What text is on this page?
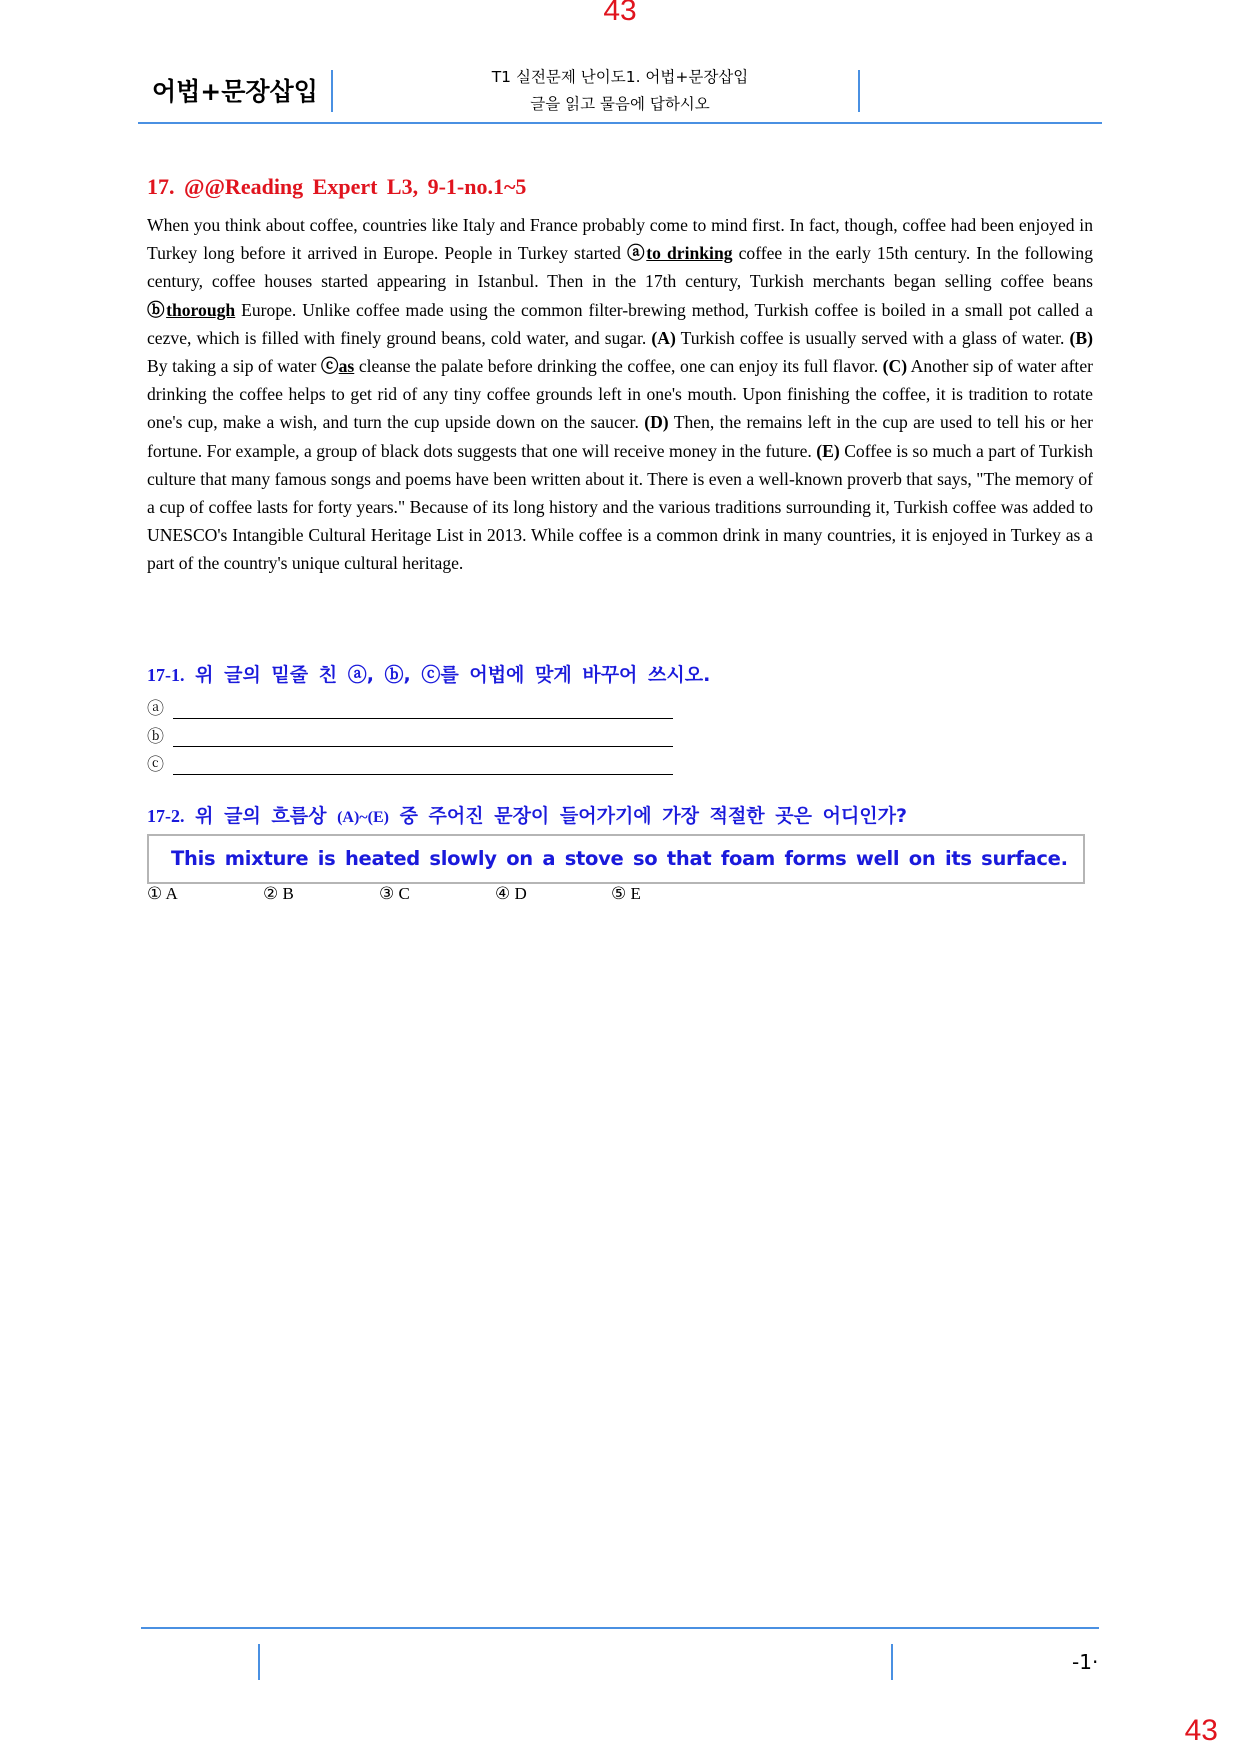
43
어법+문장삽입	T1 실전문제 난이도1. 어법+문장삽입
글을 읽고 물음에 답하시오
17. @@Reading Expert L3, 9-1-no.1~5
When you think about coffee, countries like Italy and France probably come to mind first. In fact, though, coffee had been enjoyed in Turkey long before it arrived in Europe. People in Turkey started ⓐto drinking coffee in the early 15th century. In the following century, coffee houses started appearing in Istanbul. Then in the 17th century, Turkish merchants began selling coffee beans ⓑthorough Europe. Unlike coffee made using the common filter-brewing method, Turkish coffee is boiled in a small pot called a cezve, which is filled with finely ground beans, cold water, and sugar. (A) Turkish coffee is usually served with a glass of water. (B) By taking a sip of water ⓒas cleanse the palate before drinking the coffee, one can enjoy its full flavor. (C) Another sip of water after drinking the coffee helps to get rid of any tiny coffee grounds left in one's mouth. Upon finishing the coffee, it is tradition to rotate one's cup, make a wish, and turn the cup upside down on the saucer. (D) Then, the remains left in the cup are used to tell his or her fortune. For example, a group of black dots suggests that one will receive money in the future. (E) Coffee is so much a part of Turkish culture that many famous songs and poems have been written about it. There is even a well-known proverb that says, "The memory of a cup of coffee lasts for forty years." Because of its long history and the various traditions surrounding it, Turkish coffee was added to UNESCO's Intangible Cultural Heritage List in 2013. While coffee is a common drink in many countries, it is enjoyed in Turkey as a part of the country's unique cultural heritage.
17-1. 위 글의 밑줄 친 ⓐ, ⓑ, ⓒ를 어법에 맞게 바꾸어 쓰시오.
ⓐ
ⓑ
ⓒ
17-2. 위 글의 흐름상 (A)~(E) 중 주어진 문장이 들어가기에 가장 적절한 곳은 어디인가?
This mixture is heated slowly on a stove so that foam forms well on its surface.
① A	② B	③ C	④ D	⑤ E
-1·
43
